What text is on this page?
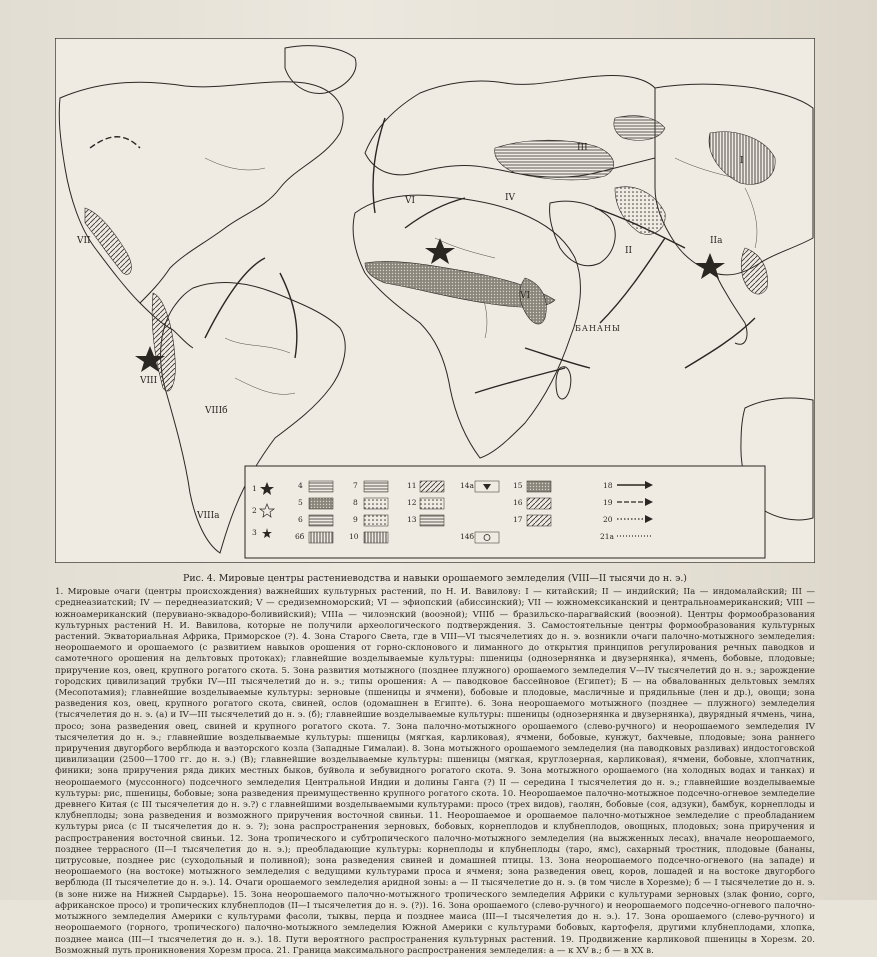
VII
VIII
VIIIб
VIIIа
VI	IV
VI
III
II
IIа
I
БАНАНЫ
1
2
3
4
5
6
6б
7
8
9
10
11
12
13
14а
14б
15
16
17
18
19
20
21а
Рис. 4. Мировые центры растениеводства и навыки орошаемого земледелия (VIII—II тысячи до н. э.)

1. Мировые очаги (центры происхождения) важнейших культурных растений, по Н. И. Вавилову: I — китайский; II — индийский; IIа — индомалайский; III — среднеазиатский; IV — переднеазиатский; V — средиземноморский; VI — эфиопский (абиссинский); VII — южномексиканский и центральноамериканский; VIII — южноамериканский (перувиано-эквадоро-боливийский); VIIIа — чилоэнский (вооэной); VIIIб — бразильско-парагвайский (вооэной). Центры формообразования культурных растений Н. И. Вавилова, которые не получили археологического подтверждения. 3. Самостоятельные центры формообразования культурных растений. Экваториальная Африка, Приморское (?). 4. Зона Старого Света, где в VIII—VI тысячелетиях до н. э. возникли очаги палочно-мотыжного земледелия: неорошаемого и орошаемого (с развитием навыков орошения от горно-склонового и лиманного до открытия принципов регулирования речных паводков и самотечного орошения на дельтовых протоках); главнейшие возделываемые культуры: пшеницы (однозернянка и двузернянка), ячмень, бобовые, плодовые; приручение коз, овец, крупного рогатого скота. 5. Зона развития мотыжного (позднее плужного) орошаемого земледелия V—IV тысячелетий до н. э.; зарождение городских цивилизаций трубки IV—III тысячелетий до н. э.; типы орошения: А — паводковое бассейновое (Египет); Б — на обвалованных дельтовых землях (Месопотамия); главнейшие возделываемые культуры: зерновые (пшеницы и ячмени), бобовые и плодовые, масличные и прядильные (лен и др.), овощи; зона разведения коз, овец, крупного рогатого скота, свиней, ослов (одомашнен в Египте). 6. Зона неорошаемого мотыжного (позднее — плужного) земледелия (тысячелетия до н. э. (а) и IV—III тысячелетий до н. э. (б); главнейшие возделываемые культуры: пшеницы (однозернянка и двузернянка), двурядный ячмень, чина, просо; зона разведения овец, свиней и крупного рогатого скота. 7. Зона палочно-мотыжного орошаемого (слево-ручного) и неорошаемого земледелия IV тысячелетия до н. э.; главнейшие возделываемые культуры: пшеницы (мягкая, карликовая), ячмени, бобовые, кунжут, бахчевые, плодовые; зона раннего приручения двугорбого верблюда и ваэторского козла (Западные Гималаи). 8. Зона мотыжного орошаемого земледелия (на паводковых разливах) индостоговской цивилизации (2500—1700 гг. до н. э.) (В); главнейшие возделываемые культуры: пшеницы (мягкая, круглозерная, карликовая), ячмени, бобовые, хлопчатник, финики; зона приручения ряда диких местных быков, буйвола и зебувидного рогатого скота. 9. Зона мотыжного орошаемого (на холодных водах и танках) и неорошаемого (муссонного) подсечного земледелия Центральной Индии и долины Ганга (?) II — середина I тысячелетия до н. э.; главнейшие возделываемые культуры: рис, пшеницы, бобовые; зона разведения преимущественно крупного рогатого скота. 10. Неорошаемое палочно-мотыжное подсечно-огневое земледелие древнего Китая (с III тысячелетия до н. э.?) с главнейшими возделываемыми культурами: просо (трех видов), гаолян, бобовые (соя, адзуки), бамбук, корнеплоды и клубнеплоды; зона разведения и возможного приручения восточной свиньи. 11. Неорошаемое и орошаемое палочно-мотыжное земледелие с преобладанием культуры риса (с II тысячелетия до н. э. ?); зона распространения зерновых, бобовых, корнеплодов и клубнеплодов, овощных, плодовых; зона приручения и распространения восточной свиньи. 12. Зона тропического и субтропического палочно-мотыжного земледелия (на выжженных лесах), вначале неорошаемого, позднее террасного (II—I тысячелетия до н. э.); преобладающие культуры: корнеплоды и клубнеплоды (таро, ямс), сахарный тростник, плодовые (бананы, цитрусовые, позднее рис (суходольный и поливной); зона разведения свиней и домашней птицы. 13. Зона неорошаемого подсечно-огневого (на западе) и неорошаемого (на востоке) мотыжного земледелия с ведущими культурами проса и ячменя; зона разведения овец, коров, лошадей и на востоке двугорбого верблюда (II тысячелетие до н. э.). 14. Очаги орошаемого земледелия аридной зоны: а — II тысячелетие до н. э. (в том числе в Хорезме); б — I тысячелетие до н. э. (в зоне ниже на Нижней Сырдарье). 15. Зона неорошаемого палочно-мотыжного тропического земледелия Африки с культурами зерновых (злак фонио, сорго, африканское просо) и тропических клубнеплодов (II—I тысячелетия до н. э. (?)). 16. Зона орошаемого (слево-ручного) и неорошаемого подсечно-огневого палочно-мотыжного земледелия Америки с культурами фасоли, тыквы, перца и позднее маиса (III—I тысячелетия до н. э.). 17. Зона орошаемого (слево-ручного) и неорошаемого (горного, тропического) палочно-мотыжного земледелия Южной Америки с культурами бобовых, картофеля, другими клубнеплодами, хлопка, позднее маиса (III—I тысячелетия до н. э.). 18. Пути вероятного распространения культурных растений. 19. Продвижение карликовой пшеницы в Хорезм. 20. Возможный путь проникновения Хорезм проса. 21. Граница максимального распространения земледелия: а — к XV в.; б — в XX в.
